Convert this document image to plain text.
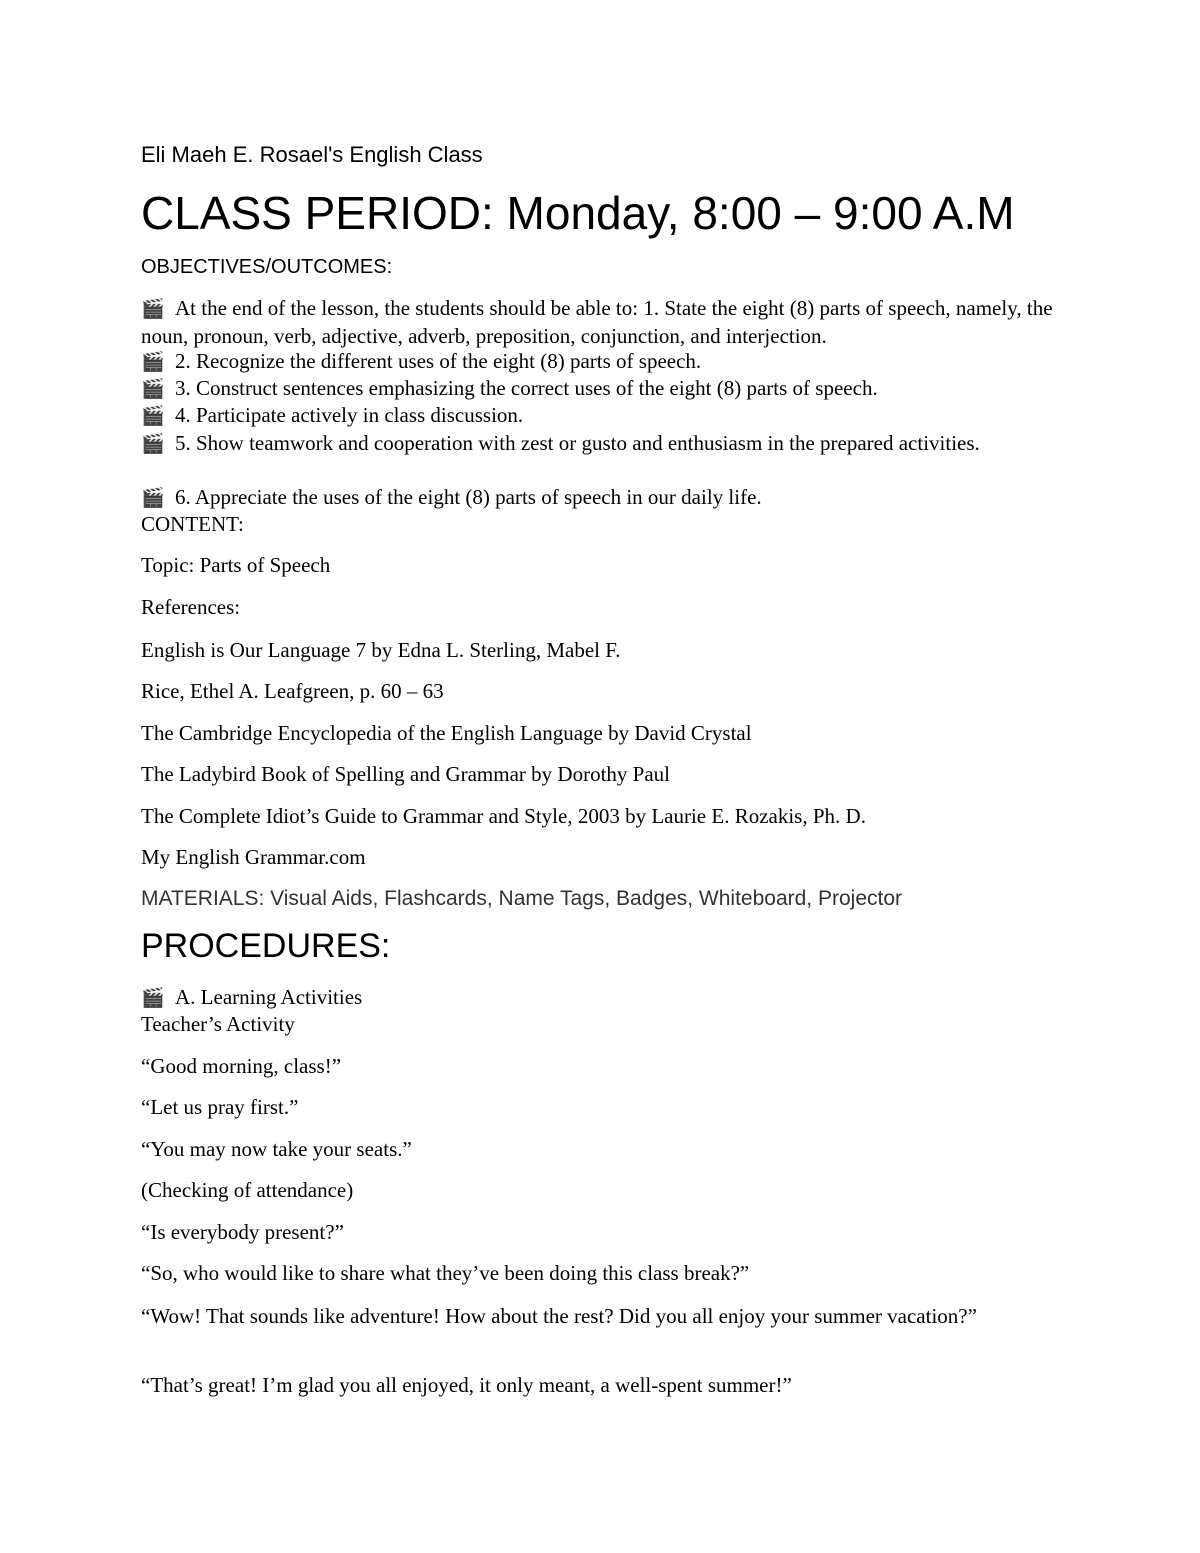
Eli Maeh E. Rosael's English Class
CLASS PERIOD: Monday, 8:00 – 9:00 A.M
OBJECTIVES/OUTCOMES:
🎬 At the end of the lesson, the students should be able to: 1. State the eight (8) parts of speech, namely, the noun, pronoun, verb, adjective, adverb, preposition, conjunction, and interjection.
🎬 2. Recognize the different uses of the eight (8) parts of speech.
🎬 3. Construct sentences emphasizing the correct uses of the eight (8) parts of speech.
🎬 4. Participate actively in class discussion.
🎬 5. Show teamwork and cooperation with zest or gusto and enthusiasm in the prepared activities.
🎬 6. Appreciate the uses of the eight (8) parts of speech in our daily life.
CONTENT:
Topic: Parts of Speech
References:
English is Our Language 7 by Edna L. Sterling, Mabel F.
Rice, Ethel A. Leafgreen, p. 60 – 63
The Cambridge Encyclopedia of the English Language by David Crystal
The Ladybird Book of Spelling and Grammar by Dorothy Paul
The Complete Idiot’s Guide to Grammar and Style, 2003 by Laurie E. Rozakis, Ph. D.
My English Grammar.com
MATERIALS: Visual Aids, Flashcards, Name Tags, Badges, Whiteboard, Projector
PROCEDURES:
🎬 A. Learning Activities
Teacher’s Activity
“Good morning, class!”
“Let us pray first.”
“You may now take your seats.”
(Checking of attendance)
“Is everybody present?”
“So, who would like to share what they’ve been doing this class break?”
“Wow! That sounds like adventure! How about the rest? Did you all enjoy your summer vacation?”
“That’s great! I’m glad you all enjoyed, it only meant, a well-spent summer!”
